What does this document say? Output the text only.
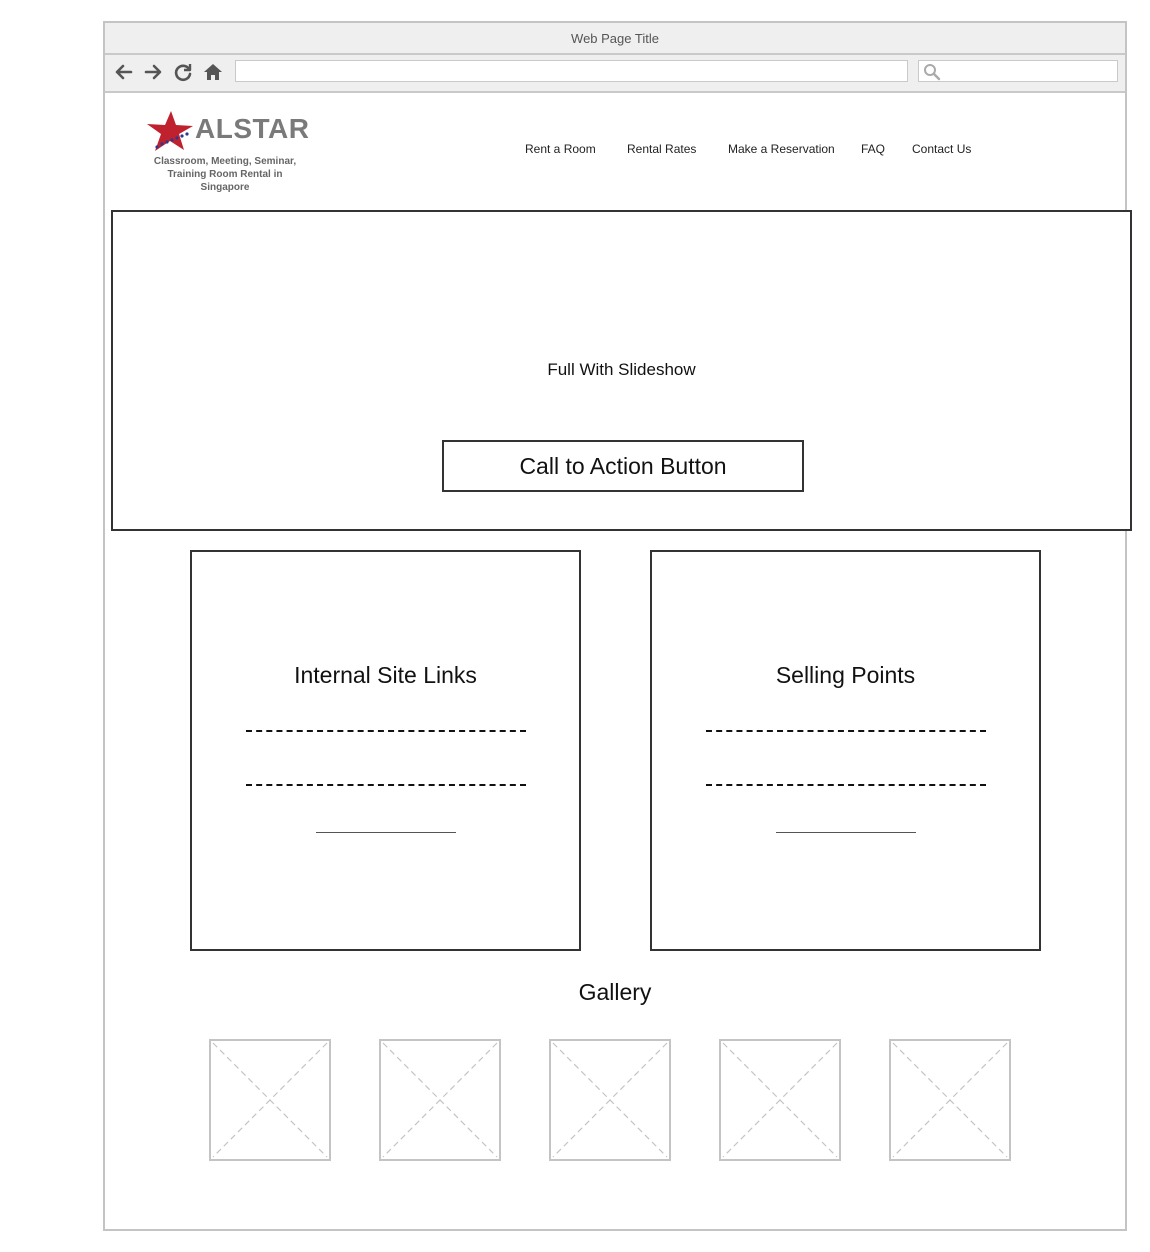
Web Page Title
ALSTAR
Classroom, Meeting, Seminar,
Training Room Rental in Singapore
Rent a Room	Rental Rates	Make a Reservation FAQ Contact Us
Full With Slideshow
Call to Action Button
Internal Site Links	Selling Points
Gallery
